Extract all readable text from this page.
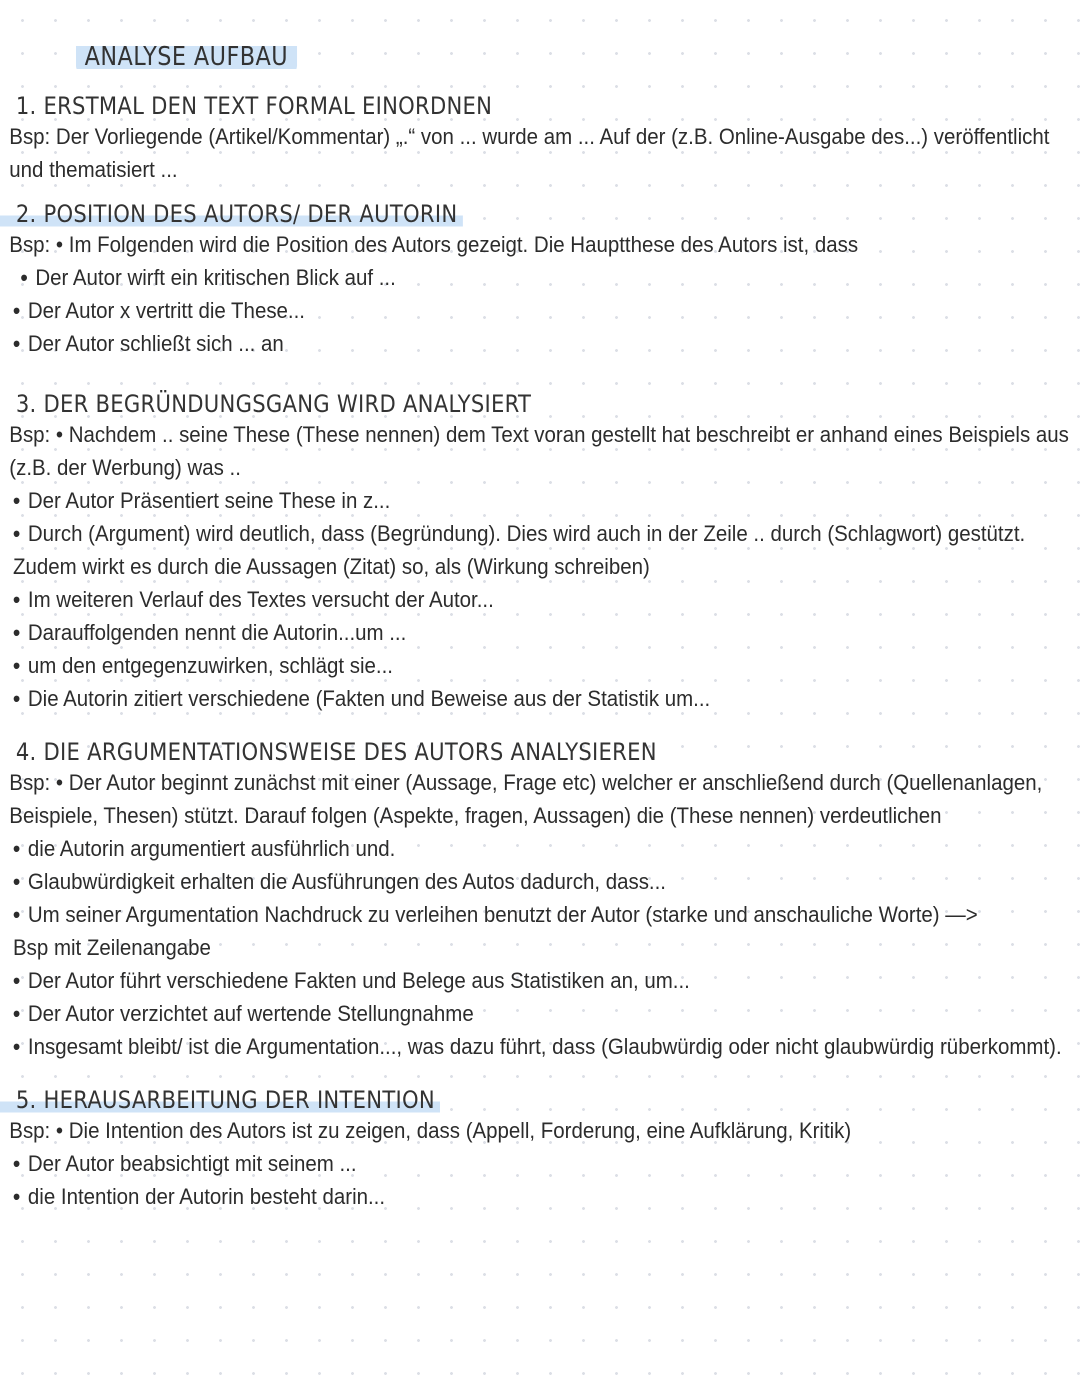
ANALYSE AUFBAU
1. ERSTMAL DEN TEXT FORMAL EINORDNEN
Bsp: Der Vorliegende (Artikel/Kommentar) „.“ von ... wurde am ... Auf der (z.B. Online-Ausgabe des...) veröffentlicht und thematisiert ...
2. POSITION DES AUTORS/ DER AUTORIN
Bsp: • Im Folgenden wird die Position des Autors gezeigt. Die Hauptthese des Autors ist, dass
• Der Autor wirft ein kritischen Blick auf ...
• Der Autor x vertritt die These...
• Der Autor schließt sich ... an
3. DER BEGRÜNDUNGSGANG WIRD ANALYSIERT
Bsp: • Nachdem .. seine These (These nennen) dem Text voran gestellt hat beschreibt er anhand eines Beispiels aus (z.B. der Werbung) was ..
• Der Autor Präsentiert seine These in z...
• Durch (Argument) wird deutlich, dass (Begründung). Dies wird auch in der Zeile .. durch (Schlagwort) gestützt. Zudem wirkt es durch die Aussagen (Zitat) so, als (Wirkung schreiben)
• Im weiteren Verlauf des Textes versucht der Autor...
• Darauffolgenden nennt die Autorin...um ...
• um den entgegenzuwirken, schlägt sie...
• Die Autorin zitiert verschiedene (Fakten und Beweise aus der Statistik um...
4. DIE ARGUMENTATIONSWEISE DES AUTORS ANALYSIEREN
Bsp: • Der Autor beginnt zunächst mit einer (Aussage, Frage etc) welcher er anschließend durch (Quellenanlagen, Beispiele, Thesen) stützt. Darauf folgen (Aspekte, fragen, Aussagen) die (These nennen) verdeutlichen
• die Autorin argumentiert ausführlich und.
• Glaubwürdigkeit erhalten die Ausführungen des Autos dadurch, dass...
• Um seiner Argumentation Nachdruck zu verleihen benutzt der Autor (starke und anschauliche Worte) —> Bsp mit Zeilenangabe
• Der Autor führt verschiedene Fakten und Belege aus Statistiken an, um...
• Der Autor verzichtet auf wertende Stellungnahme
• Insgesamt bleibt/ ist die Argumentation..., was dazu führt, dass (Glaubwürdig oder nicht glaubwürdig rüberkommt).
5. HERAUSARBEITUNG DER INTENTION
Bsp: • Die Intention des Autors ist zu zeigen, dass (Appell, Forderung, eine Aufklärung, Kritik)
• Der Autor beabsichtigt mit seinem ...
• die Intention der Autorin besteht darin...
